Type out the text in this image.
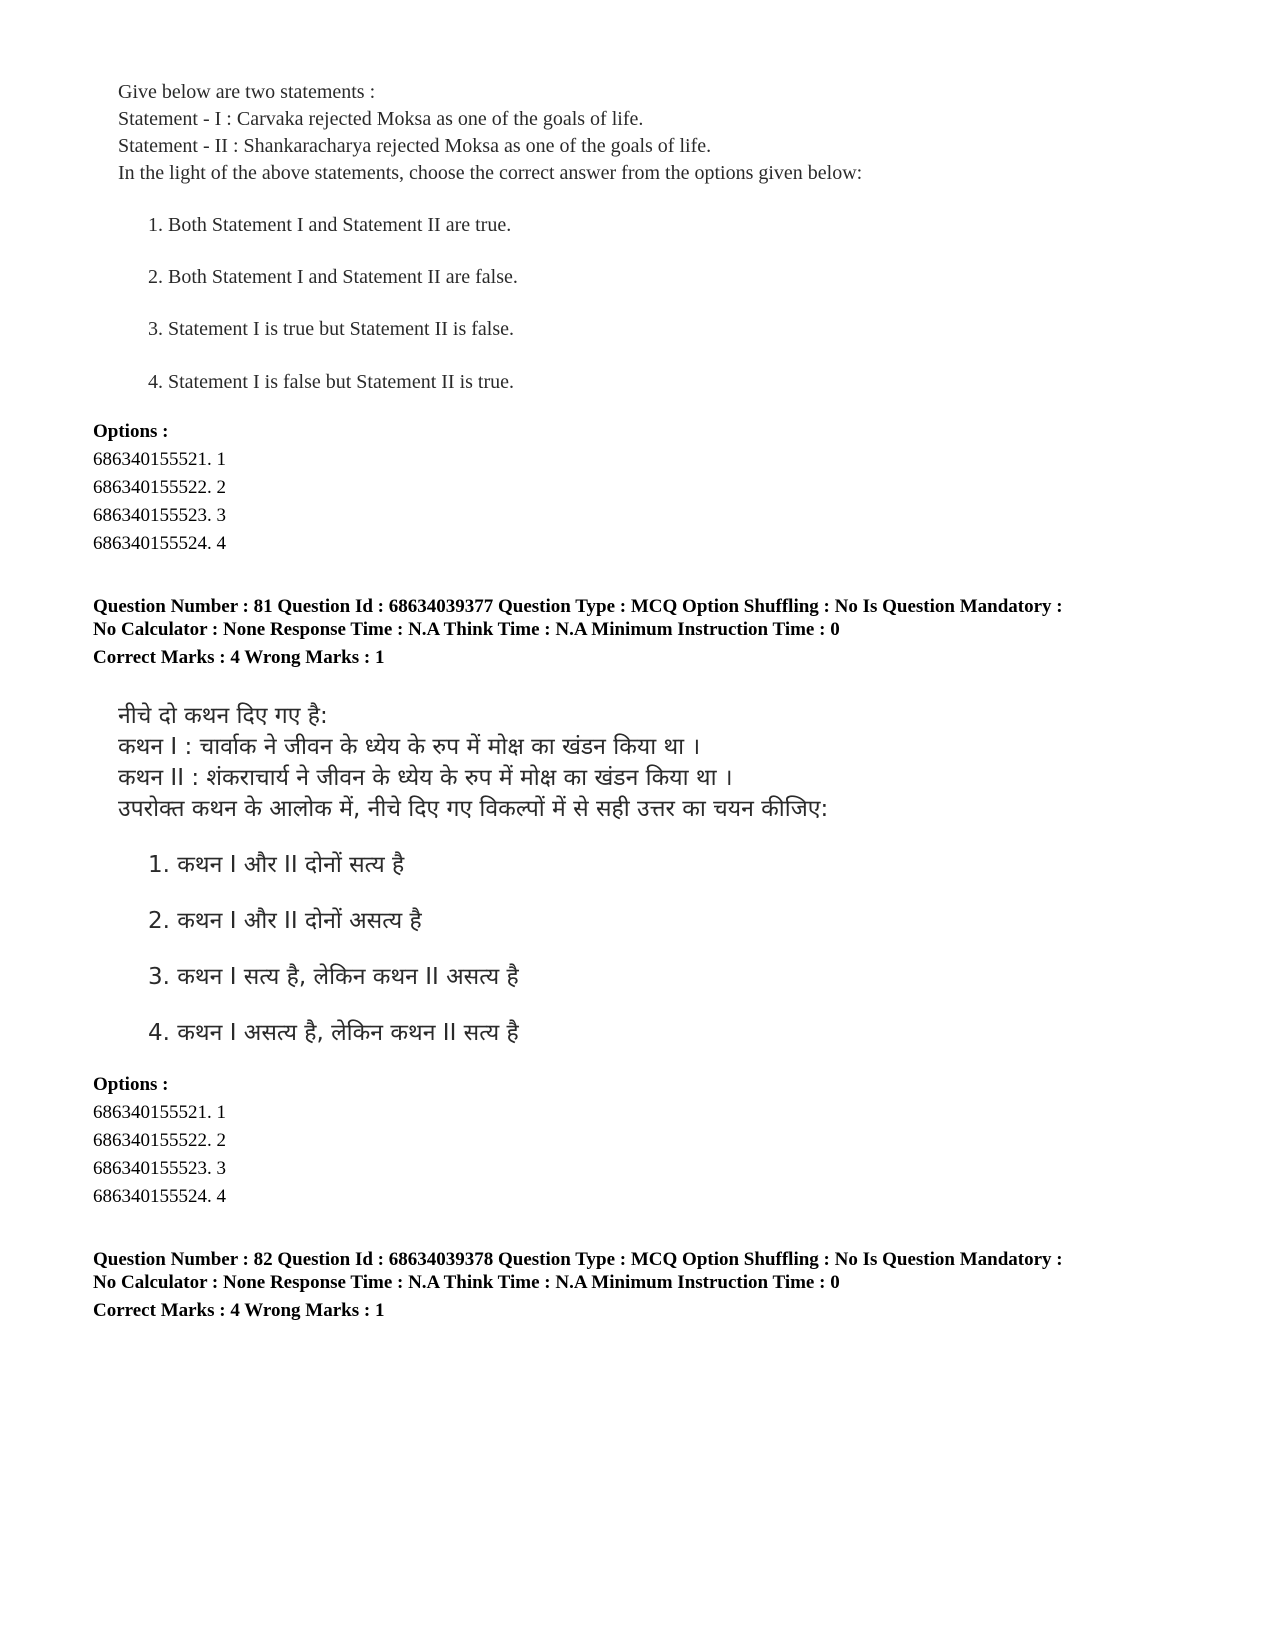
Give below are two statements :
Statement - I : Carvaka rejected Moksa as one of the goals of life.
Statement - II : Shankaracharya rejected Moksa as one of the goals of life.
In the light of the above statements, choose the correct answer from the options given below:
1. Both Statement I and Statement II are true.
2. Both Statement I and Statement II are false.
3. Statement I is true but Statement II is false.
4. Statement I is false but Statement II is true.
Options :
686340155521. 1
686340155522. 2
686340155523. 3
686340155524. 4
Question Number : 81 Question Id : 68634039377 Question Type : MCQ Option Shuffling : No Is Question Mandatory :
No Calculator : None Response Time : N.A Think Time : N.A Minimum Instruction Time : 0
Correct Marks : 4 Wrong Marks : 1
नीचे दो कथन दिए गए है:
कथन I : चार्वाक ने जीवन के ध्येय के रुप में मोक्ष का खंडन किया था ।
कथन II : शंकराचार्य ने जीवन के ध्येय के रुप में मोक्ष का खंडन किया था ।
उपरोक्त कथन के आलोक में, नीचे दिए गए विकल्पों में से सही उत्तर का चयन कीजिए:
1. कथन I और II दोनों सत्य है
2. कथन I और II दोनों असत्य है
3. कथन I सत्य है, लेकिन कथन II असत्य है
4. कथन I असत्य है, लेकिन कथन II सत्य है
Options :
686340155521. 1
686340155522. 2
686340155523. 3
686340155524. 4
Question Number : 82 Question Id : 68634039378 Question Type : MCQ Option Shuffling : No Is Question Mandatory :
No Calculator : None Response Time : N.A Think Time : N.A Minimum Instruction Time : 0
Correct Marks : 4 Wrong Marks : 1
